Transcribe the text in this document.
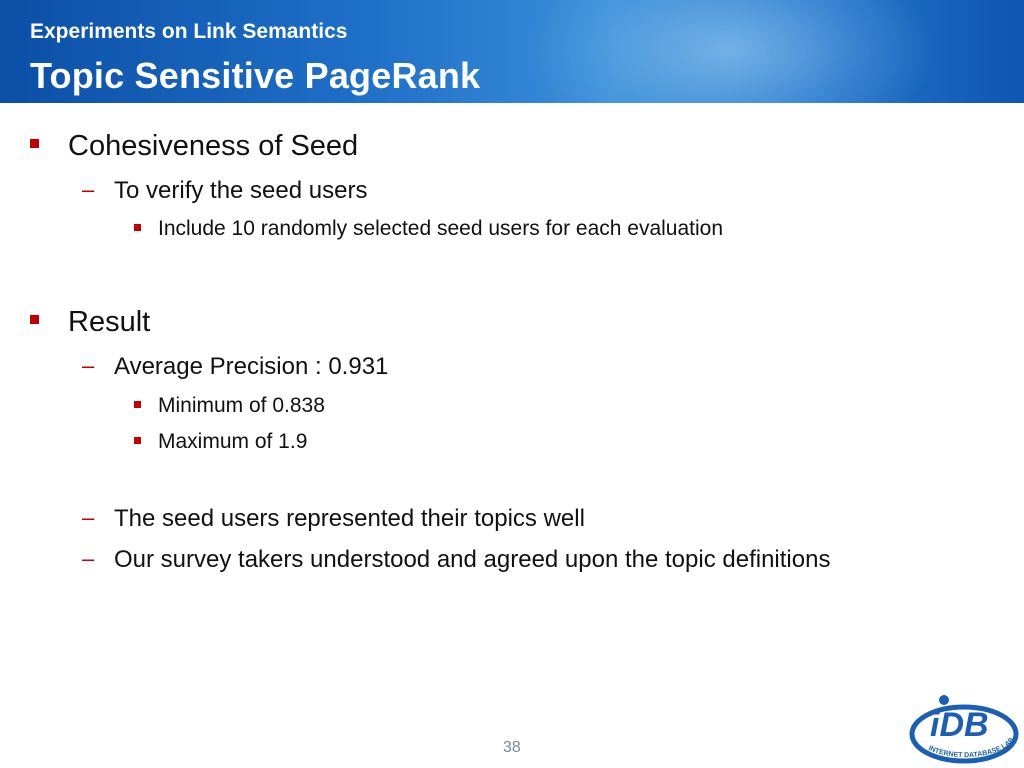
Experiments on Link Semantics
Topic Sensitive PageRank
Cohesiveness of Seed
– To verify the seed users
Include 10 randomly selected seed users for each evaluation
Result
– Average Precision : 0.931
Minimum of 0.838
Maximum of 1.9
– The seed users represented their topics well
– Our survey takers understood and agreed upon the topic definitions
38
iDB
INTERNET DATABASE LAB
